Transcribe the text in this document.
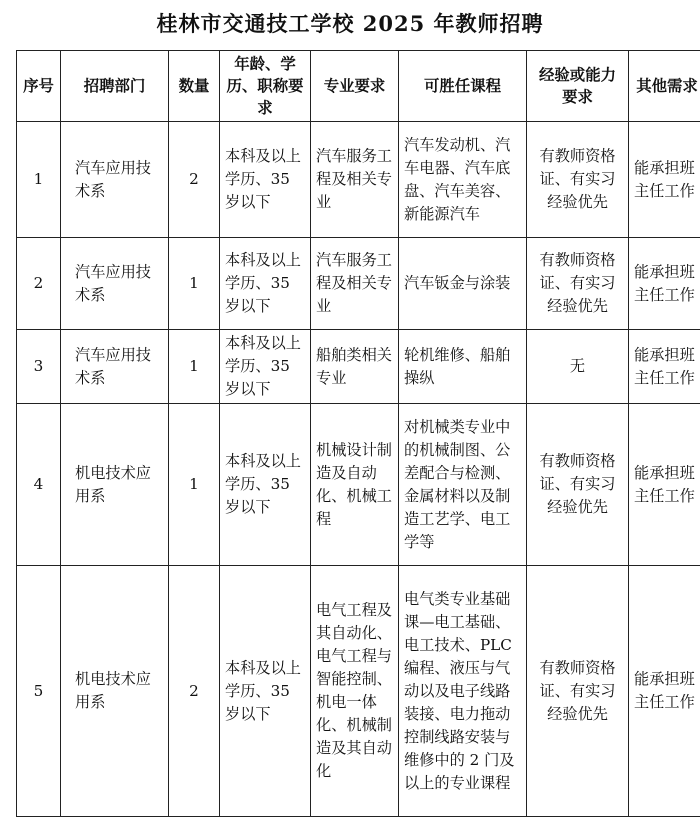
桂林市交通技工学校 2025 年教师招聘
序号	招聘部门	数量	年龄、学历、职称要求	专业要求	可胜任课程	经验或能力要求	其他需求
1	汽车应用技术系	2	本科及以上学历、35 岁以下	汽车服务工程及相关专业	汽车发动机、汽车电器、汽车底盘、汽车美容、新能源汽车	有教师资格证、有实习经验优先	能承担班主任工作
2	汽车应用技术系	1	本科及以上学历、35 岁以下	汽车服务工程及相关专业	汽车钣金与涂装	有教师资格证、有实习经验优先	能承担班主任工作
3	汽车应用技术系	1	本科及以上学历、35 岁以下	船舶类相关专业	轮机维修、船舶操纵	无	能承担班主任工作
4	机电技术应用系	1	本科及以上学历、35 岁以下	机械设计制造及自动化、机械工程	对机械类专业中的机械制图、公差配合与检测、金属材料以及制造工艺学、电工学等	有教师资格证、有实习经验优先	能承担班主任工作
5	机电技术应用系	2	本科及以上学历、35 岁以下	电气工程及其自动化、电气工程与智能控制、机电一体化、机械制造及其自动化	电气类专业基础课—电工基础、电工技术、PLC 编程、液压与气动以及电子线路装接、电力拖动控制线路安装与维修中的 2 门及以上的专业课程	有教师资格证、有实习经验优先	能承担班主任工作
